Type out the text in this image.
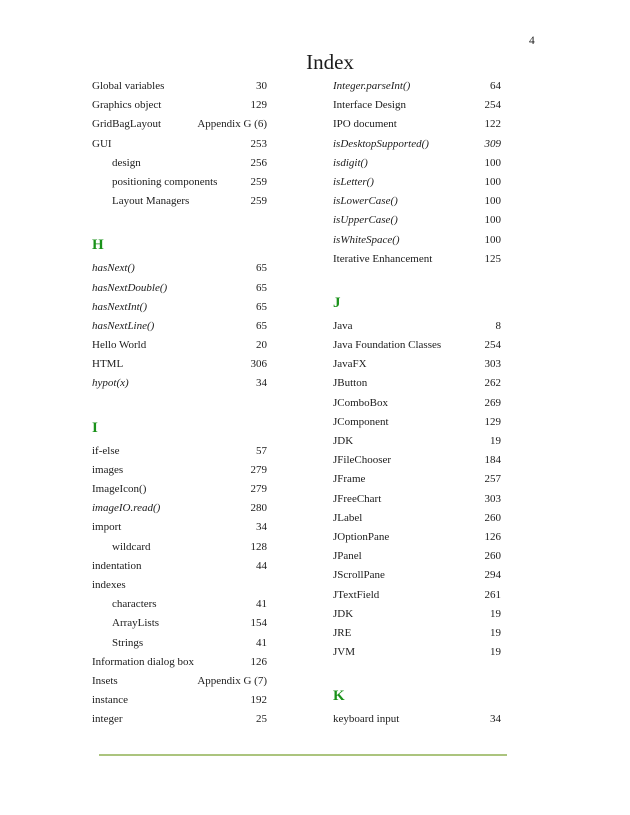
4
Index
Global variables	30
Graphics object	129
GridBagLayout	Appendix G (6)
GUI	253
design	256
positioning components	259
Layout Managers	259
H
hasNext()	65
hasNextDouble()	65
hasNextInt()	65
hasNextLine()	65
Hello World	20
HTML	306
hypot(x)	34
I
if-else	57
images	279
ImageIcon()	279
imageIO.read()	280
import	34
wildcard	128
indentation	44
indexes
characters	41
ArrayLists	154
Strings	41
Information dialog box	126
Insets	Appendix G (7)
instance	192
integer	25
Integer.parseInt()	64
Interface Design	254
IPO document	122
isDesktopSupported()	309
isdigit()	100
isLetter()	100
isLowerCase()	100
isUpperCase()	100
isWhiteSpace()	100
Iterative Enhancement	125
J
Java	8
Java Foundation Classes	254
JavaFX	303
JButton	262
JComboBox	269
JComponent	129
JDK	19
JFileChooser	184
JFrame	257
JFreeChart	303
JLabel	260
JOptionPane	126
JPanel	260
JScrollPane	294
JTextField	261
JDK	19
JRE	19
JVM	19
K
keyboard input	34
